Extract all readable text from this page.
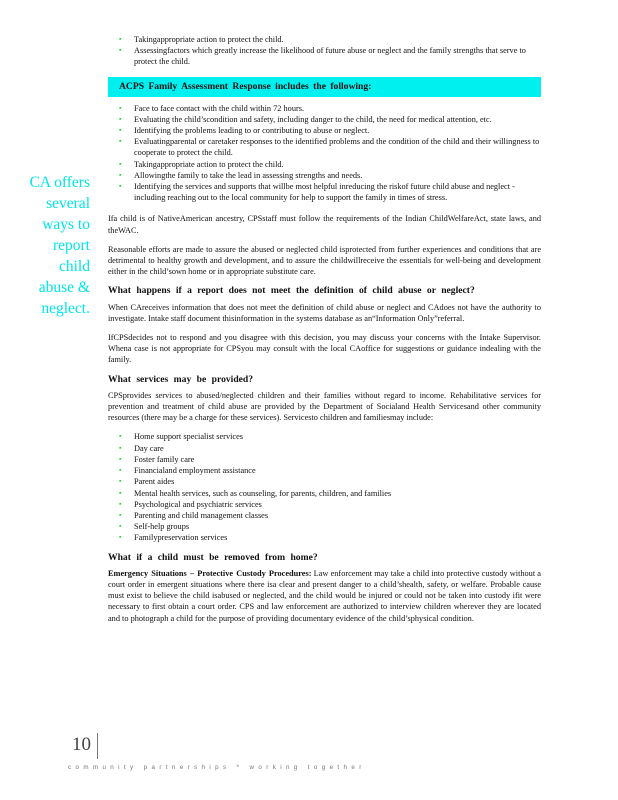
▪ Takingappropriate action to protect the child.
▪ Assessingfactors which greatly increase the likelihood of future abuse or neglect and the family strengths that serve to protect the child.
ACPS Family Assessment Response includes the following:
▪ Face to face contact with the child within 72 hours.
▪ Evaluating the child’scondition and safety, including danger to the child, the need for medical attention, etc.
▪ Identifying the problems leading to or contributing to abuse or neglect.
▪ Evaluatingparental or caretaker responses to the identified problems and the condition of the child and their willingness to cooperate to protect the child.
▪ Takingappropriate action to protect the child.
▪ Allowingthe family to take the lead in assessing strengths and needs.
▪ Identifying the services and supports that willbe most helpful inreducing the riskof future child abuse and neglect - including reaching out to the local community for help to support the family in times of stress.

Ifa child is of NativeAmerican ancestry, CPSstaff must follow the requirements of the Indian ChildWelfareAct, state laws, and theWAC.

Reasonable efforts are made to assure the abused or neglected child isprotected from further experiences and conditions that are detrimental to healthy growth and development, and to assure the childwillreceive the essentials for well-being and development either in the child’sown home or in appropriate substitute care.

What happens if a report does not meet the definition of child abuse or neglect?

When CAreceives information that does not meet the definition of child abuse or neglect and CAdoes not have the authority to investigate. Intake staff document thisinformation in the systems database as an“Information Only”referral.

IfCPSdecides not to respond and you disagree with this decision, you may discuss your concerns with the Intake Supervisor. Whena case is not appropriate for CPSyou may consult with the local CAoffice for suggestions or guidance indealing with the family.

What services may be provided?

CPSprovides services to abused/neglected children and their families without regard to income. Rehabilitative services for prevention and treatment of child abuse are provided by the Department of Socialand Health Servicesand other community resources (there may be a charge for these services). Servicesto children and familiesmay include:

▪ Home support specialist services
▪ Day care
▪ Foster family care
▪ Financialand employment assistance
▪ Parent aides
▪ Mental health services, such as counseling, for parents, children, and families
▪ Psychological and psychiatric services
▪ Parenting and child management classes
▪ Self-help groups
▪ Familypreservation services
What if a child must be removed from home?

Emergency Situations – Protective Custody Procedures: Law enforcement may take a child into protective custody without a court order in emergent situations where there isa clear and present danger to a child’shealth, safety, or welfare. Probable cause must exist to believe the child isabused or neglected, and the child would be injured or could not be taken into custody ifit were necessary to first obtain a court order. CPS and law enforcement are authorized to interview children wherever they are located and to photograph a child for the purpose of providing documentary evidence of the child’sphysical condition.

CA offers several ways to report child abuse & neglect.
10
community partnerships * working together
